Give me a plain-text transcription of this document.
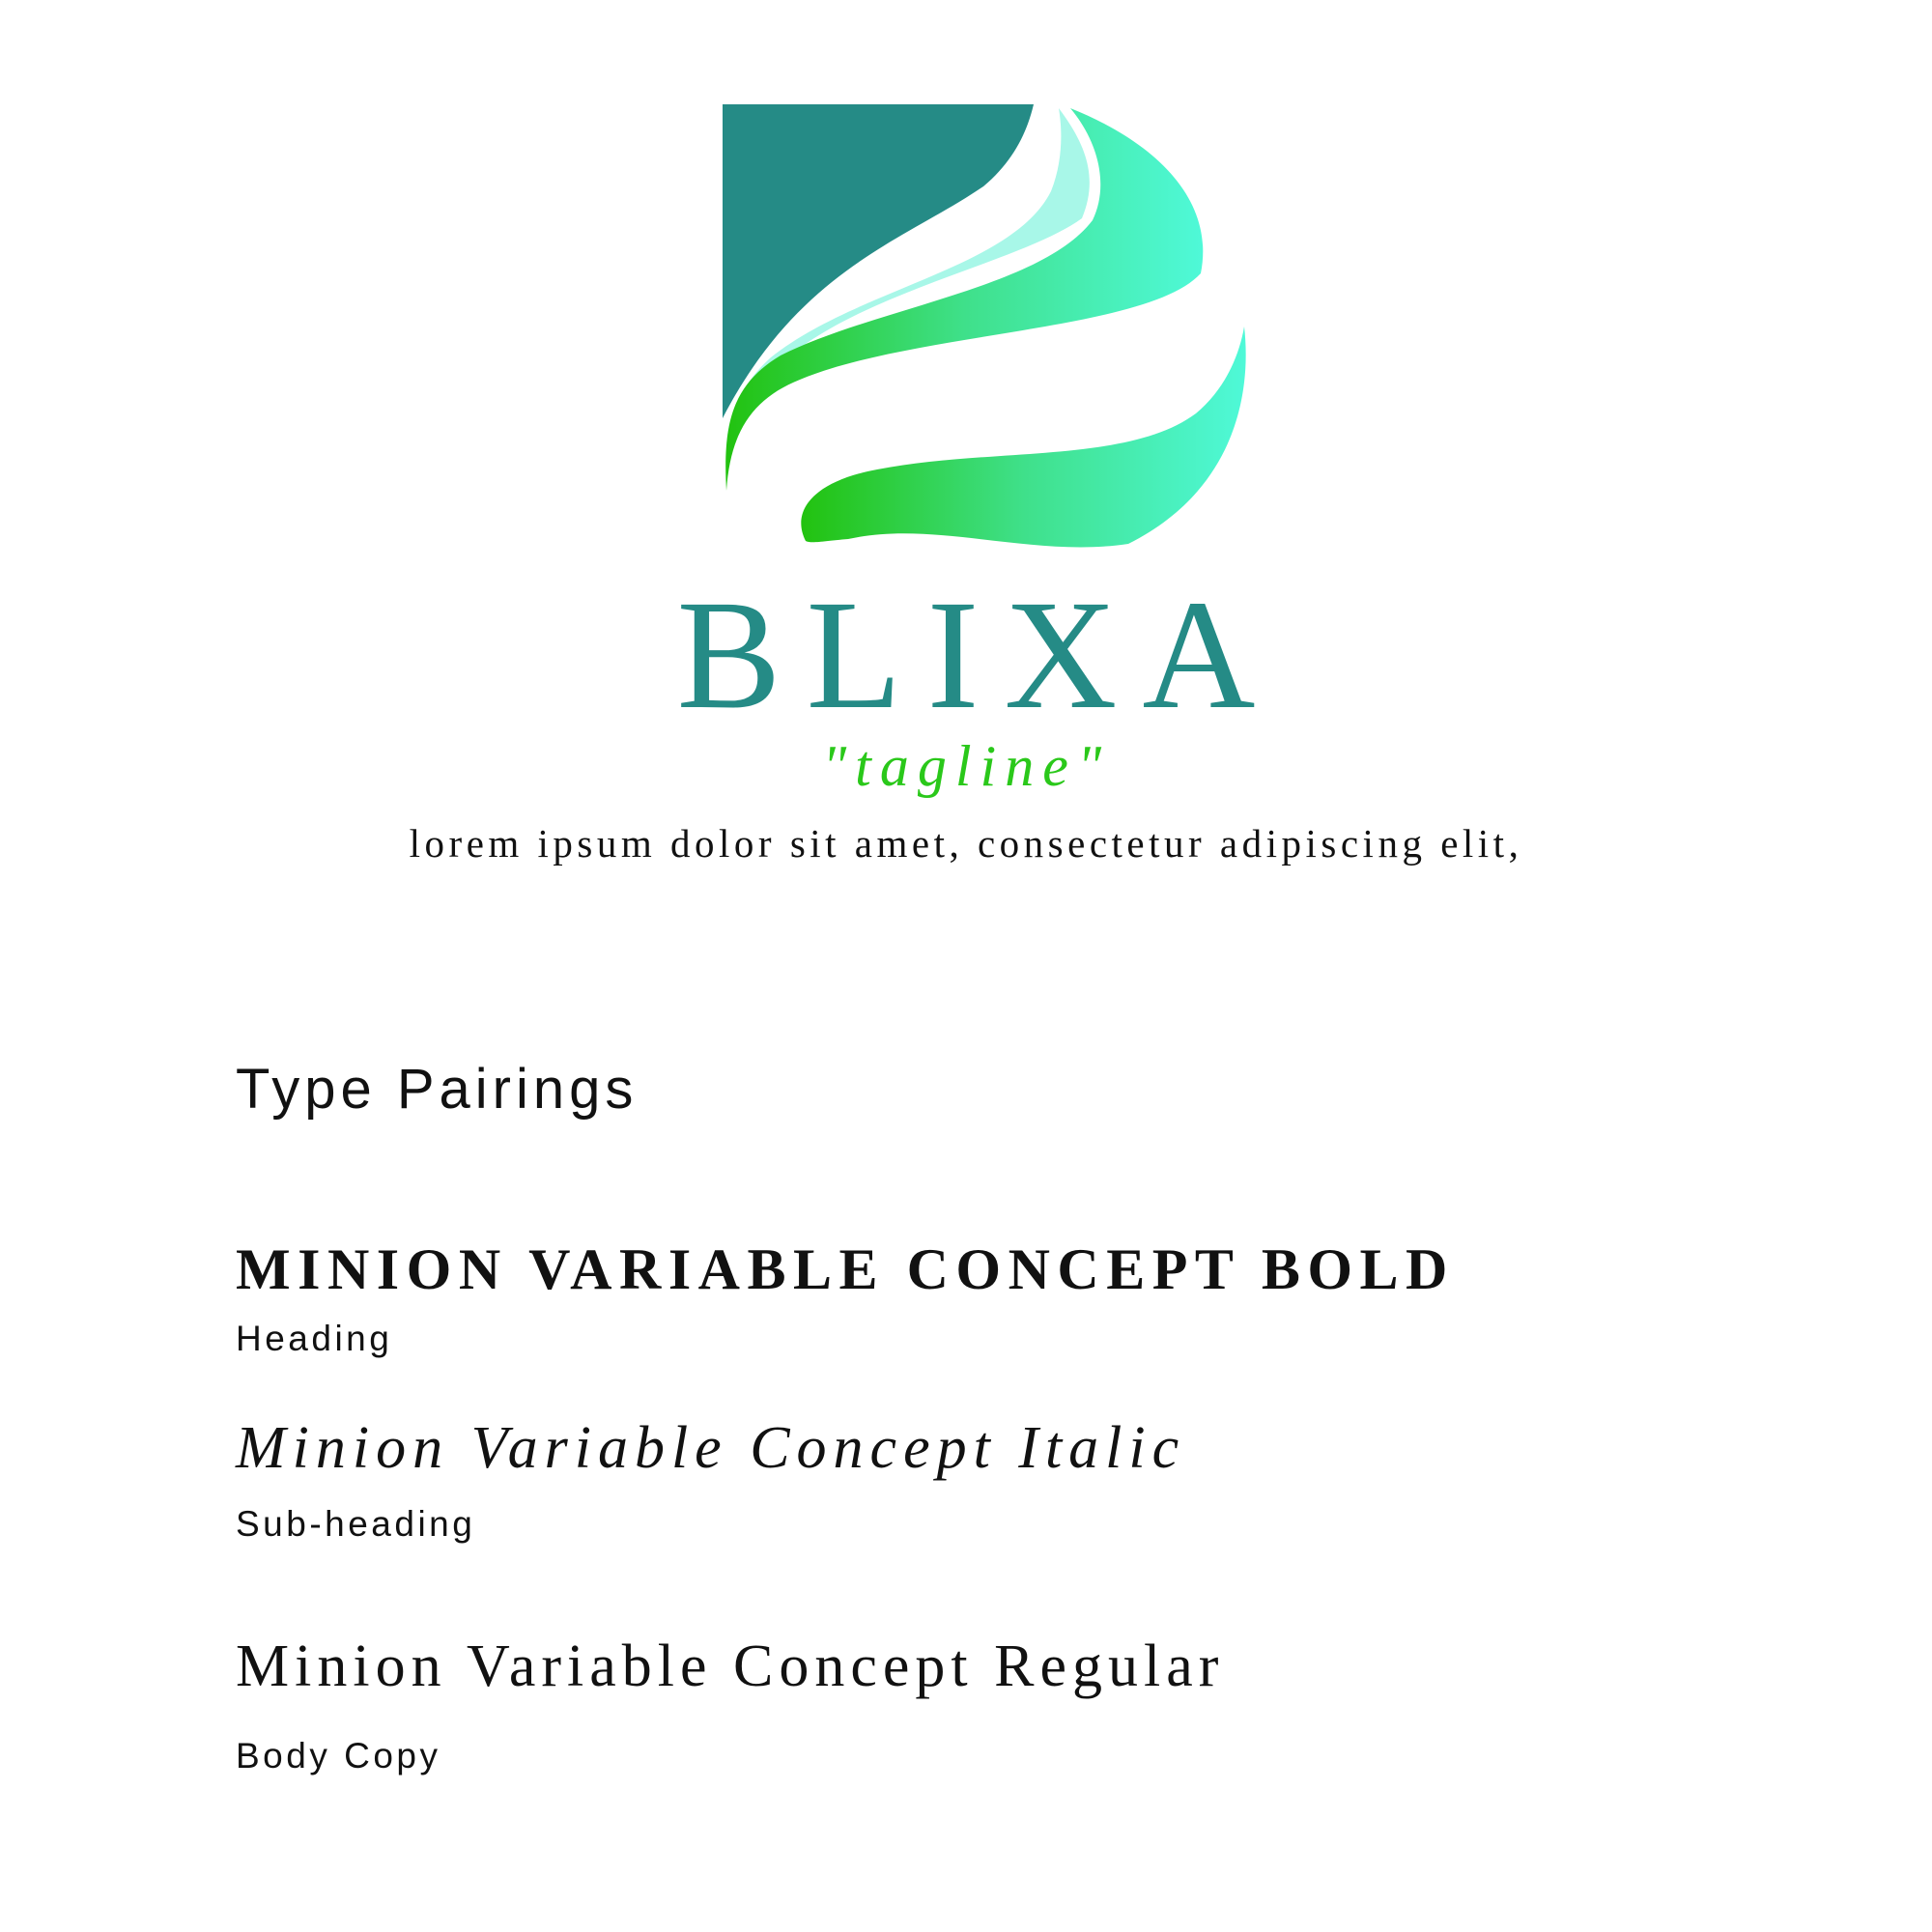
BLIXA
"tagline"
lorem ipsum dolor sit amet, consectetur adipiscing elit,
Type Pairings
MINION VARIABLE CONCEPT BOLD
Heading
Minion Variable Concept Italic
Sub-heading
Minion Variable Concept Regular
Body Copy
